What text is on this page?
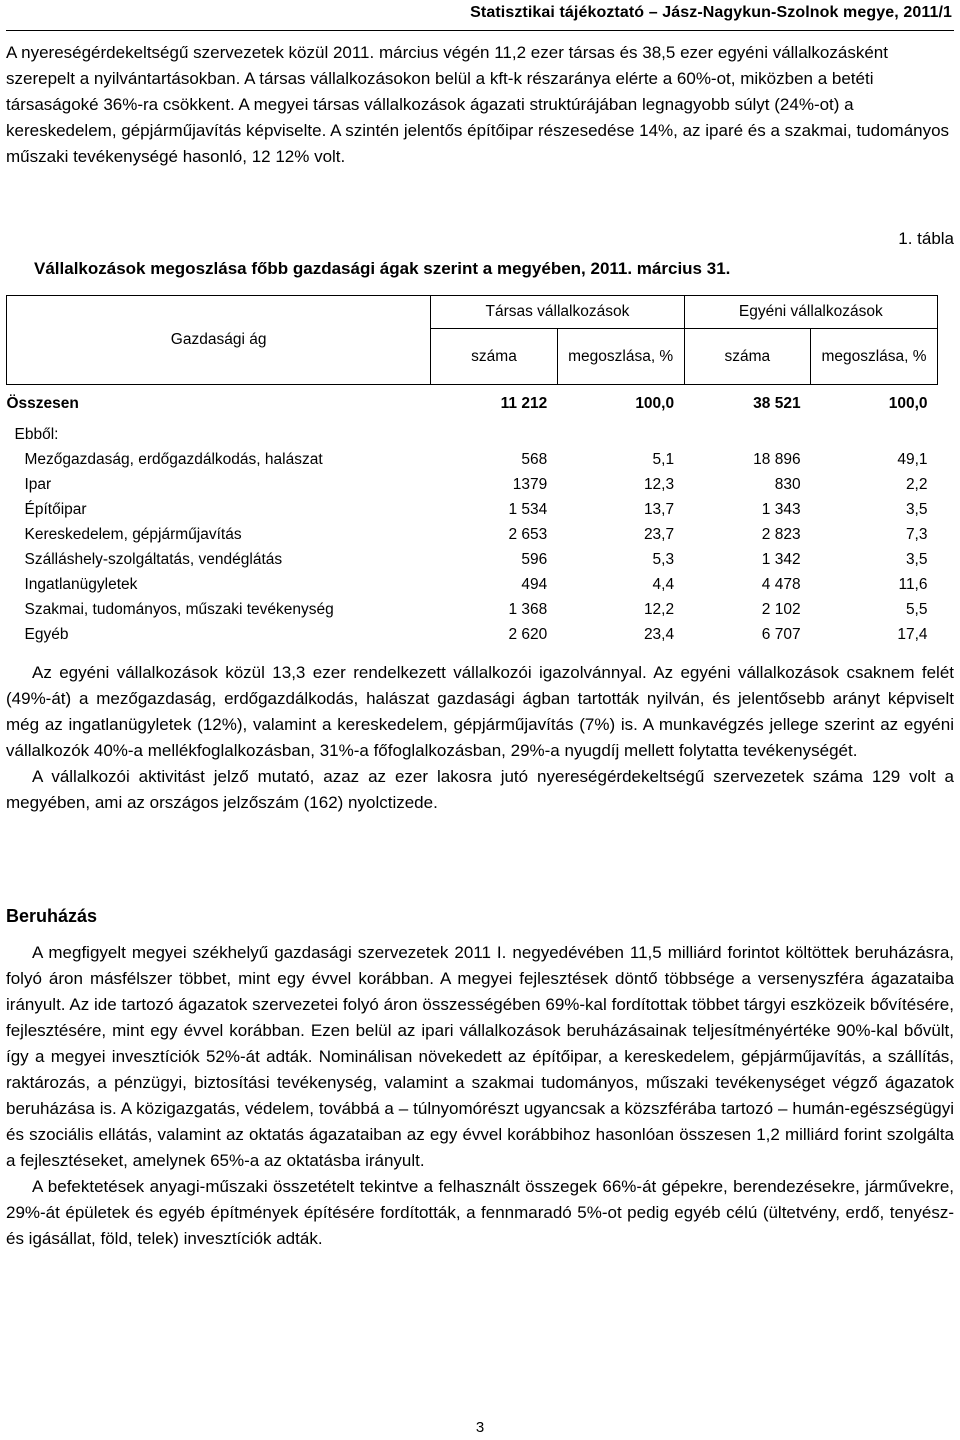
Statisztikai tájékoztató – Jász-Nagykun-Szolnok megye, 2011/1

A nyereségérdekeltségű szervezetek közül 2011. március végén 11,2 ezer társas és 38,5 ezer egyéni vállalkozásként szerepelt a nyilvántartásokban. A társas vállalkozásokon belül a kft-k részaránya elérte a 60%-ot, miközben a betéti társaságoké 36%-ra csökkent. A megyei társas vállalkozások ágazati struktúrájában legnagyobb súlyt (24%-ot) a kereskedelem, gépjárműjavítás képviselte. A szintén jelentős építőipar részesedése 14%, az iparé és a szakmai, tudományos műszaki tevékenységé hasonló, 12 12% volt.

1. tábla
Vállalkozások megoszlása főbb gazdasági ágak szerint a megyében, 2011. március 31.
Gazdasági ág	Társas vállalkozások		Egyéni vállalkozások	
	száma	megoszlása, %	száma	megoszlása, %
Összesen	11 212	100,0	38 521	100,0
Ebből:				
Mezőgazdaság, erdőgazdálkodás, halászat	568	5,1	18 896	49,1
Ipar	1379	12,3	830	2,2
Építőipar	1 534	13,7	1 343	3,5
Kereskedelem, gépjárműjavítás	2 653	23,7	2 823	7,3
Szálláshely-szolgáltatás, vendéglátás	596	5,3	1 342	3,5
Ingatlanügyletek	494	4,4	4 478	11,6
Szakmai, tudományos, műszaki tevékenység	1 368	12,2	2 102	5,5
Egyéb	2 620	23,4	6 707	17,4

Az egyéni vállalkozások közül 13,3 ezer rendelkezett vállalkozói igazolvánnyal. Az egyéni vállalkozások csaknem felét (49%-át) a mezőgazdaság, erdőgazdálkodás, halászat gazdasági ágban tartották nyilván, és jelentősebb arányt képviselt még az ingatlanügyletek (12%), valamint a kereskedelem, gépjárműjavítás (7%) is. A munkavégzés jellege szerint az egyéni vállalkozók 40%-a mellékfoglalkozásban, 31%-a főfoglalkozásban, 29%-a nyugdíj mellett folytatta tevékenységét.

A vállalkozói aktivitást jelző mutató, azaz az ezer lakosra jutó nyereségérdekeltségű szervezetek száma 129 volt a megyében, ami az országos jelzőszám (162) nyolctizede.

Beruházás

A megfigyelt megyei székhelyű gazdasági szervezetek 2011 I. negyedévében 11,5 milliárd forintot költöttek beruházásra, folyó áron másfélszer többet, mint egy évvel korábban. A megyei fejlesztések döntő többsége a versenyszféra ágazataiba irányult. Az ide tartozó ágazatok szervezetei folyó áron összességében 69%-kal fordítottak többet tárgyi eszközeik bővítésére, fejlesztésére, mint egy évvel korábban. Ezen belül az ipari vállalkozások beruházásainak teljesítményértéke 90%-kal bővült, így a megyei invesztíciók 52%-át adták. Nominálisan növekedett az építőipar, a kereskedelem, gépjárműjavítás, a szállítás, raktározás, a pénzügyi, biztosítási tevékenység, valamint a szakmai tudományos, műszaki tevékenységet végző ágazatok beruházása is. A közigazgatás, védelem, továbbá a – túlnyomórészt ugyancsak a közszférába tartozó – humán-egészségügyi és szociális ellátás, valamint az oktatás ágazataiban az egy évvel korábbihoz hasonlóan összesen 1,2 milliárd forint szolgálta a fejlesztéseket, amelynek 65%-a az oktatásba irányult.

A befektetések anyagi-műszaki összetételt tekintve a felhasznált összegek 66%-át gépekre, berendezésekre, járművekre, 29%-át épületek és egyéb építmények építésére fordították, a fennmaradó 5%-ot pedig egyéb célú (ültetvény, erdő, tenyész- és igásállat, föld, telek) invesztíciók adták.

3
